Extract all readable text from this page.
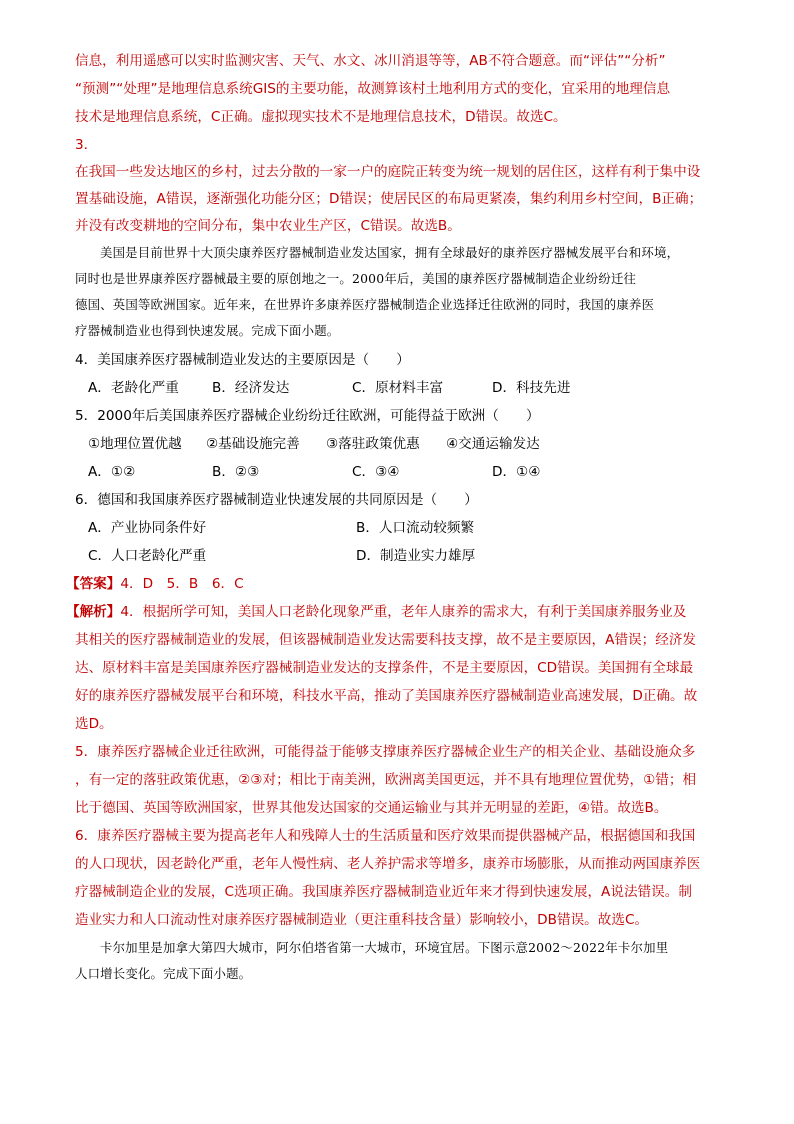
信息，利用遥感可以实时监测灾害、天气、水文、冰川消退等等，AB不符合题意。而“评估”“分析”
“预测”“处理”是地理信息系统GIS的主要功能，故测算该村土地利用方式的变化，宜采用的地理信息
技术是地理信息系统，C正确。虚拟现实技术不是地理信息技术，D错误。故选C。
3．
在我国一些发达地区的乡村，过去分散的一家一户的庭院正转变为统一规划的居住区，这样有利于集中设
置基础设施，A错误，逐渐强化功能分区；D错误；使居民区的布局更紧凑，集约利用乡村空间，B正确；
并没有改变耕地的空间分布，集中农业生产区，C错误。故选B。
美国是目前世界十大顶尖康养医疗器械制造业发达国家，拥有全球最好的康养医疗器械发展平台和环境，
同时也是世界康养医疗器械最主要的原创地之一。2000年后，美国的康养医疗器械制造企业纷纷迁往
德国、英国等欧洲国家。近年来，在世界许多康养医疗器械制造企业选择迁往欧洲的同时，我国的康养医
疗器械制造业也得到快速发展。完成下面小题。
4．美国康养医疗器械制造业发达的主要原因是（　　）
A．老龄化严重 B．经济发达	C．原材料丰富	D．科技先进
5．2000年后美国康养医疗器械企业纷纷迁往欧洲，可能得益于欧洲（　　）
①地理位置优越 ②基础设施完善 ③落驻政策优惠 ④交通运输发达
A．①②	B．②③	C．③④	D．①④
6．德国和我国康养医疗器械制造业快速发展的共同原因是（　　）
A．产业协同条件好	B．人口流动较频繁
C．人口老龄化严重	D．制造业实力雄厚
【答案】4．D　5．B　6．C
【解析】4．根据所学可知，美国人口老龄化现象严重，老年人康养的需求大，有利于美国康养服务业及
其相关的医疗器械制造业的发展，但该器械制造业发达需要科技支撑，故不是主要原因，A错误；经济发
达、原材料丰富是美国康养医疗器械制造业发达的支撑条件，不是主要原因，CD错误。美国拥有全球最
好的康养医疗器械发展平台和环境，科技水平高，推动了美国康养医疗器械制造业高速发展，D正确。故
选D。
5．康养医疗器械企业迁往欧洲，可能得益于能够支撑康养医疗器械企业生产的相关企业、基础设施众多
，有一定的落驻政策优惠，②③对；相比于南美洲，欧洲离美国更远，并不具有地理位置优势，①错；相
比于德国、英国等欧洲国家，世界其他发达国家的交通运输业与其并无明显的差距，④错。故选B。
6．康养医疗器械主要为提高老年人和残障人士的生活质量和医疗效果而提供器械产品，根据德国和我国
的人口现状，因老龄化严重，老年人慢性病、老人养护需求等增多，康养市场膨胀，从而推动两国康养医
疗器械制造企业的发展，C选项正确。我国康养医疗器械制造业近年来才得到快速发展，A说法错误。制
造业实力和人口流动性对康养医疗器械制造业（更注重科技含量）影响较小，DB错误。故选C。
卡尔加里是加拿大第四大城市，阿尔伯塔省第一大城市，环境宜居。下图示意2002～2022年卡尔加里
人口增长变化。完成下面小题。
